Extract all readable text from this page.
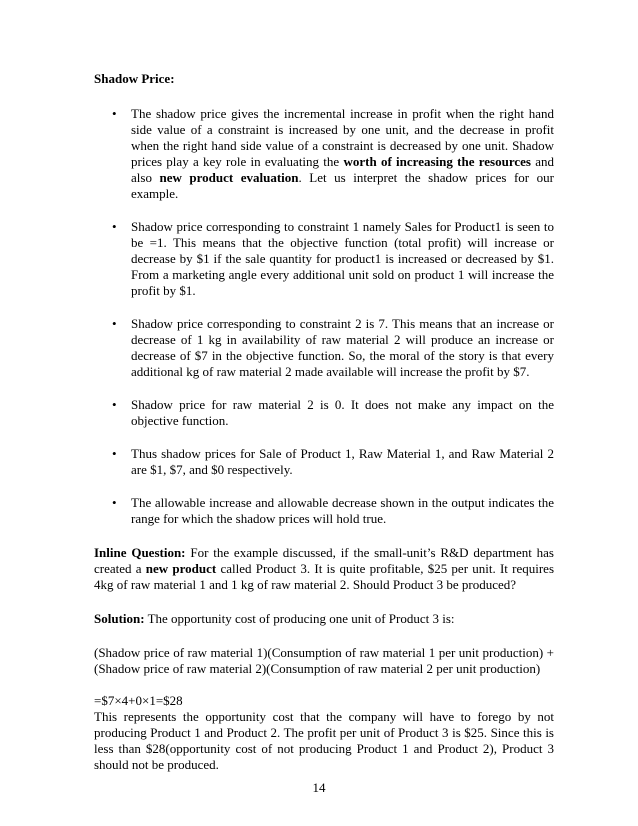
Shadow Price:

• The shadow price gives the incremental increase in profit when the right hand side value of a constraint is increased by one unit, and the decrease in profit when the right hand side value of a constraint is decreased by one unit. Shadow prices play a key role in evaluating the worth of increasing the resources and also new product evaluation. Let us interpret the shadow prices for our example.
• Shadow price corresponding to constraint 1 namely Sales for Product1 is seen to be =1. This means that the objective function (total profit) will increase or decrease by $1 if the sale quantity for product1 is increased or decreased by $1. From a marketing angle every additional unit sold on product 1 will increase the profit by $1.
• Shadow price corresponding to constraint 2 is 7. This means that an increase or decrease of 1 kg in availability of raw material 2 will produce an increase or decrease of $7 in the objective function. So, the moral of the story is that every additional kg of raw material 2 made available will increase the profit by $7.
• Shadow price for raw material 2 is 0. It does not make any impact on the objective function.
• Thus shadow prices for Sale of Product 1, Raw Material 1, and Raw Material 2 are $1, $7, and $0 respectively.
• The allowable increase and allowable decrease shown in the output indicates the range for which the shadow prices will hold true.

Inline Question: For the example discussed, if the small-unit’s R&D department has created a new product called Product 3. It is quite profitable, $25 per unit. It requires 4kg of raw material 1 and 1 kg of raw material 2. Should Product 3 be produced?

Solution: The opportunity cost of producing one unit of Product 3 is:

(Shadow price of raw material 1)(Consumption of raw material 1 per unit production) +(Shadow price of raw material 2)(Consumption of raw material 2 per unit production)

=$7×4+0×1=$28

This represents the opportunity cost that the company will have to forego by not producing Product 1 and Product 2. The profit per unit of Product 3 is $25. Since this is less than $28(opportunity cost of not producing Product 1 and Product 2), Product 3 should not be produced.

14
